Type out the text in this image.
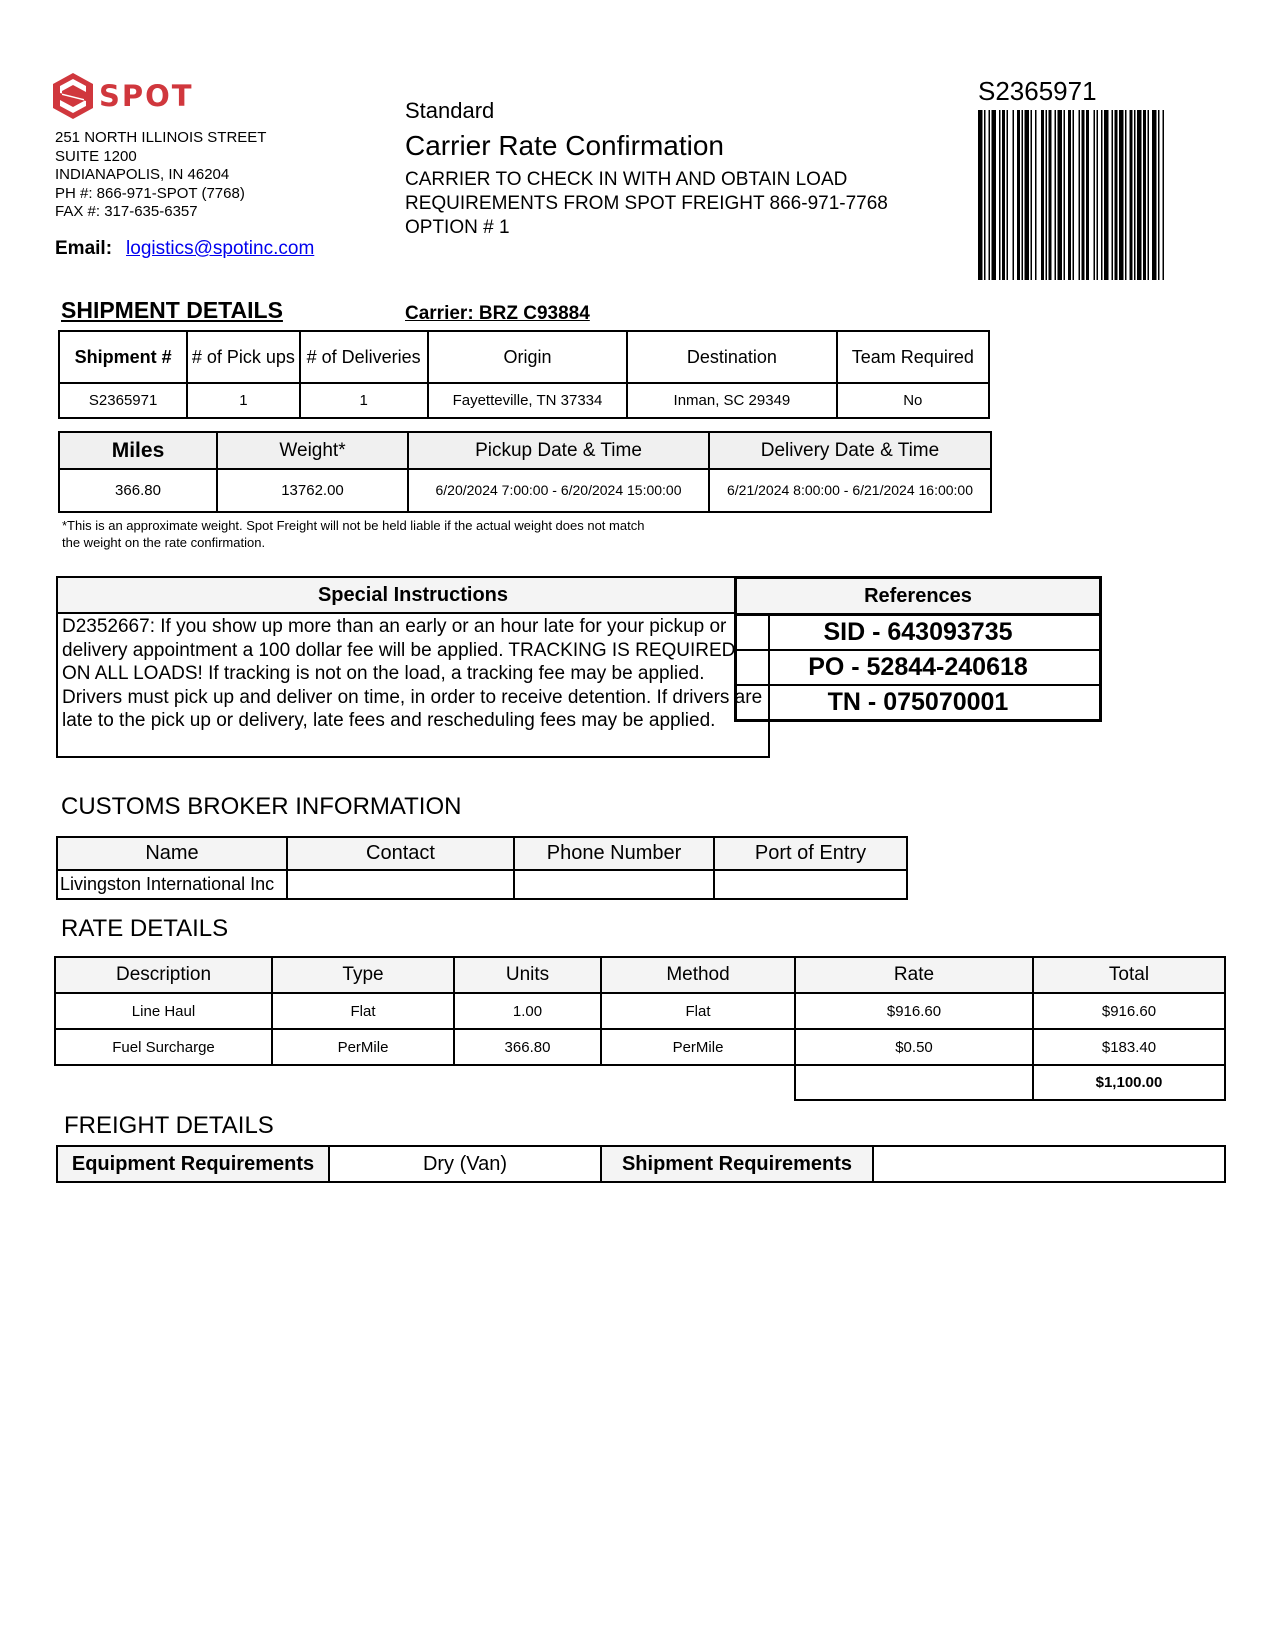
SPOT
251 NORTH ILLINOIS STREET
SUITE 1200
INDIANAPOLIS, IN 46204
PH #: 866-971-SPOT (7768)
FAX #: 317-635-6357
Email: logistics@spotinc.com
Standard
Carrier Rate Confirmation
CARRIER TO CHECK IN WITH AND OBTAIN LOAD REQUIREMENTS FROM SPOT FREIGHT 866-971-7768 OPTION # 1
S2365971
SHIPMENT DETAILS	Carrier: BRZ C93884
Shipment #	# of Pick ups	# of Deliveries	Origin	Destination	Team Required
S2365971	1	1	Fayetteville, TN 37334	Inman, SC 29349	No
Miles	Weight*	Pickup Date & Time	Delivery Date & Time
366.80	13762.00	6/20/2024 7:00:00 - 6/20/2024 15:00:00	6/21/2024 8:00:00 - 6/21/2024 16:00:00
*This is an approximate weight. Spot Freight will not be held liable if the actual weight does not match the weight on the rate confirmation.
Special Instructions
D2352667: If you show up more than an early or an hour late for your pickup or delivery appointment a 100 dollar fee will be applied. TRACKING IS REQUIRED ON ALL LOADS! If tracking is not on the load, a tracking fee may be applied. Drivers must pick up and deliver on time, in order to receive detention. If drivers are late to the pick up or delivery, late fees and rescheduling fees may be applied.
References
SID - 643093735
PO - 52844-240618
TN - 075070001
CUSTOMS BROKER INFORMATION
Name	Contact	Phone Number	Port of Entry
Livingston International Inc			
RATE DETAILS
Description	Type	Units	Method	Rate	Total
Line Haul	Flat	1.00	Flat	$916.60	$916.60
Fuel Surcharge	PerMile	366.80	PerMile	$0.50	$183.40
					$1,100.00
FREIGHT DETAILS
Equipment Requirements	Dry (Van)	Shipment Requirements	
